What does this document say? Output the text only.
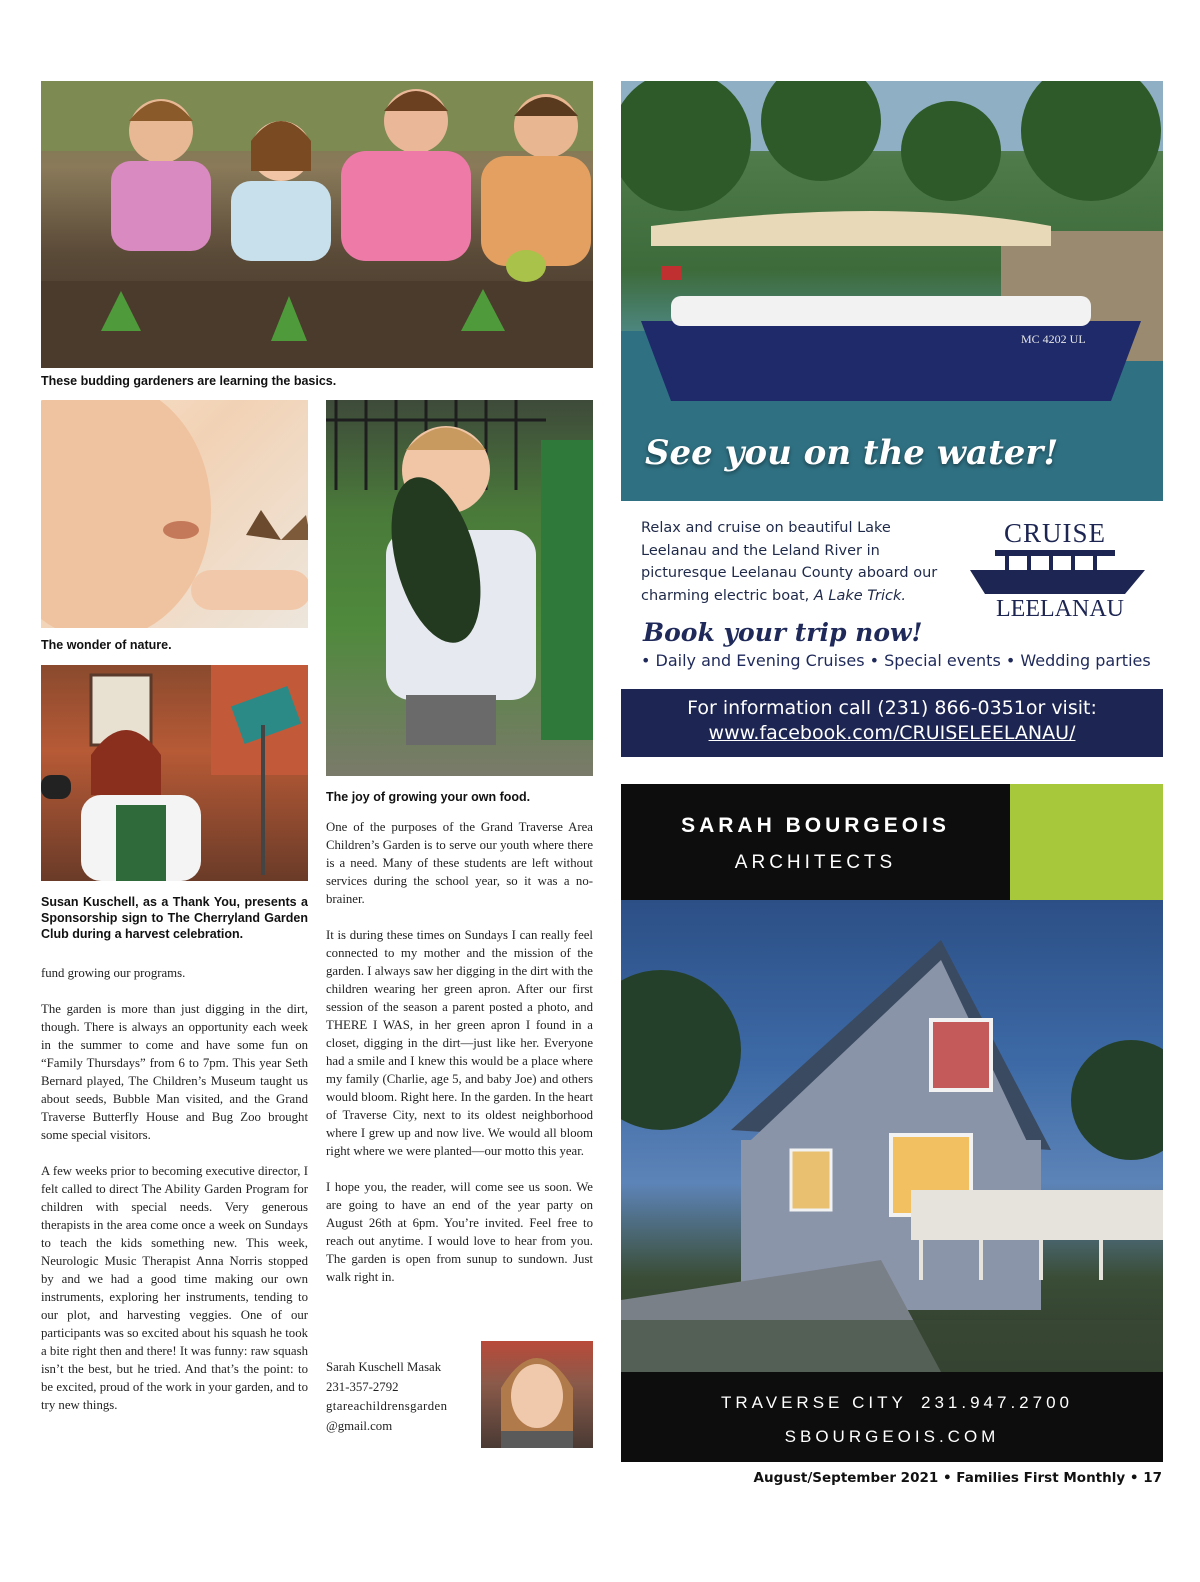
These budding gardeners are learning the basics.
The wonder of nature.
Susan Kuschell, as a Thank You, presents a Sponsorship sign to The Cherryland Garden Club during a harvest celebration.
The joy of growing your own food.

fund growing our programs.

The garden is more than just digging in the dirt, though. There is always an opportunity each week in the summer to come and have some fun on “Family Thursdays” from 6 to 7pm. This year Seth Bernard played, The Children’s Museum taught us about seeds, Bubble Man visited, and the Grand Traverse Butterfly House and Bug Zoo brought some special visitors.

A few weeks prior to becoming executive director, I felt called to direct The Ability Garden Program for children with special needs. Very generous therapists in the area come once a week on Sundays to teach the kids something new. This week, Neurologic Music Therapist Anna Norris stopped by and we had a good time making our own instruments, exploring her instruments, tending to our plot, and harvesting veggies. One of our participants was so excited about his squash he took a bite right then and there! It was funny: raw squash isn’t the best, but he tried. And that’s the point: to be excited, proud of the work in your garden, and to try new things.

One of the purposes of the Grand Traverse Area Children’s Garden is to serve our youth where there is a need. Many of these students are left without services during the school year, so it was a no-brainer.

It is during these times on Sundays I can really feel connected to my mother and the mission of the garden. I always saw her digging in the dirt with the children wearing her green apron. After our first session of the season a parent posted a photo, and THERE I WAS, in her green apron I found in a closet, digging in the dirt—just like her. Everyone had a smile and I knew this would be a place where my family (Charlie, age 5, and baby Joe) and others would bloom. Right here. In the garden. In the heart of Traverse City, next to its oldest neighborhood where I grew up and now live. We would all bloom right where we were planted—our motto this year.

I hope you, the reader, will come see us soon. We are going to have an end of the year party on August 26th at 6pm. You’re invited. Feel free to reach out anytime. I would love to hear from you. The garden is open from sunup to sundown. Just walk right in.

Sarah Kuschell Masak
231-357-2792
gtareachildrensgarden
@gmail.com
MC 4202 UL
See you on the water!
Relax and cruise on beautiful Lake Leelanau and the Leland River in picturesque Leelanau County aboard our charming electric boat, A Lake Trick.
CRUISE
LEELANAU
Book your trip now!
• Daily and Evening Cruises • Special events • Wedding parties
For information call (231) 866-0351or visit:
www.facebook.com/CRUISELEELANAU/
SARAH BOURGEOIS
ARCHITECTS
TRAVERSE CITY 231.947.2700
SBOURGEOIS.COM
August/September 2021 • Families First Monthly • 17
